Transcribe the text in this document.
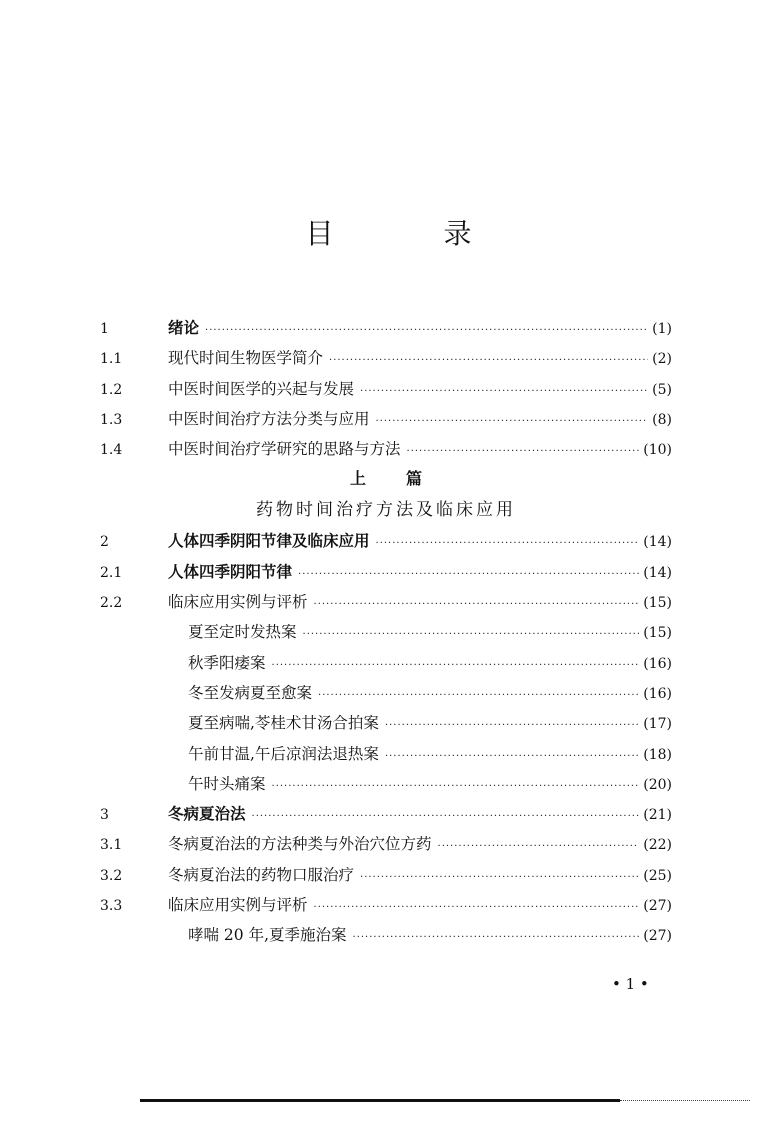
目	录
1	绪论 ·····	(1)
1.1	现代时间生物医学简介 ·····	(2)
1.2	中医时间医学的兴起与发展 ·····	(5)
1.3	中医时间治疗方法分类与应用 ·····	(8)
1.4	中医时间治疗学研究的思路与方法 ·····	(10)
上	篇
药物时间治疗方法及临床应用
2	人体四季阴阳节律及临床应用 ·····	(14)
2.1	人体四季阴阳节律 ·····	(14)
2.2	临床应用实例与评析 ·····	(15)
夏至定时发热案 ·····	(15)
秋季阳痿案 ·····	(16)
冬至发病夏至愈案 ·····	(16)
夏至病喘,苓桂术甘汤合拍案 ·····	(17)
午前甘温,午后凉润法退热案 ·····	(18)
午时头痛案 ·····	(20)
3	冬病夏治法 ·····	(21)
3.1	冬病夏治法的方法种类与外治穴位方药 ·····	(22)
3.2	冬病夏治法的药物口服治疗 ·····	(25)
3.3	临床应用实例与评析 ·····	(27)
哮喘 20 年,夏季施治案 ·····	(27)
• 1 •
